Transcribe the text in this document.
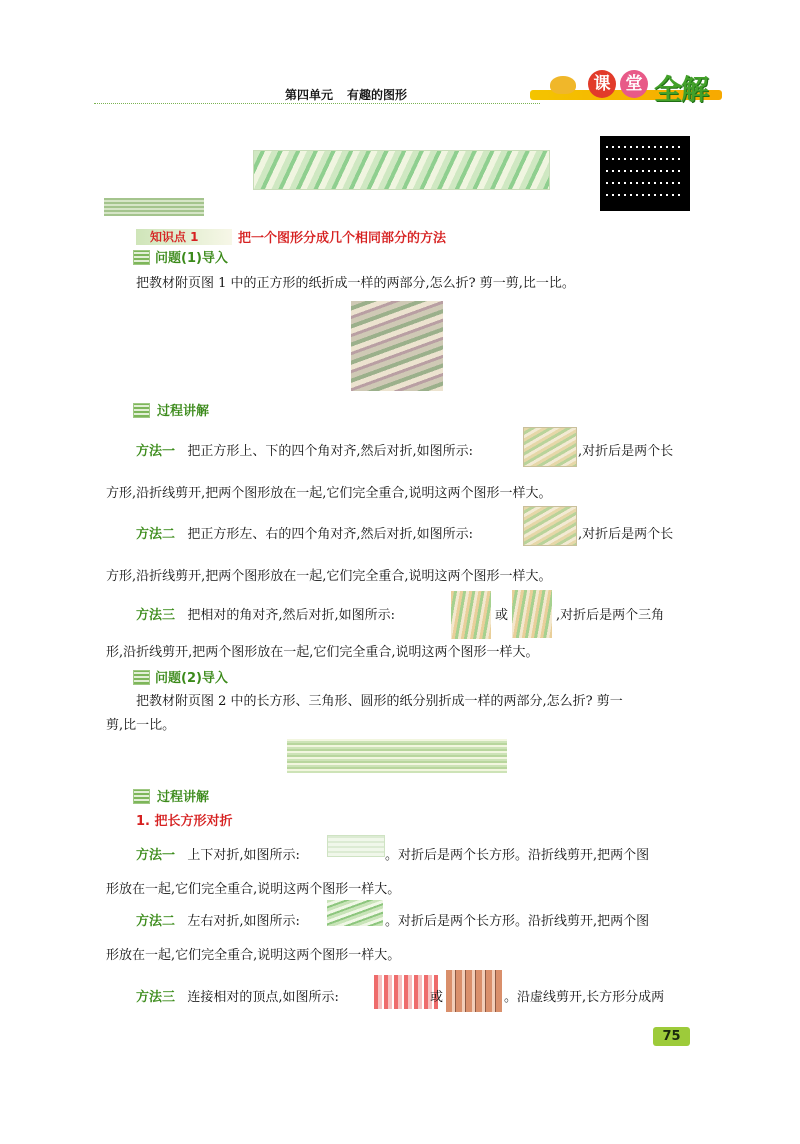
第四单元 有趣的图形
课 堂 全解
知识点 1	把一个图形分成几个相同部分的方法
问题(1)导入
把教材附页图 1 中的正方形的纸折成一样的两部分,怎么折? 剪一剪,比一比。
过程讲解
方法一 把正方形上、下的四个角对齐,然后对折,如图所示:	,对折后是两个长
方形,沿折线剪开,把两个图形放在一起,它们完全重合,说明这两个图形一样大。
方法二 把正方形左、右的四个角对齐,然后对折,如图所示:	,对折后是两个长
方形,沿折线剪开,把两个图形放在一起,它们完全重合,说明这两个图形一样大。
方法三 把相对的角对齐,然后对折,如图所示:	或	,对折后是两个三角
形,沿折线剪开,把两个图形放在一起,它们完全重合,说明这两个图形一样大。
问题(2)导入
把教材附页图 2 中的长方形、三角形、圆形的纸分别折成一样的两部分,怎么折? 剪一
剪,比一比。
过程讲解
1. 把长方形对折
方法一 上下对折,如图所示:	。对折后是两个长方形。沿折线剪开,把两个图
形放在一起,它们完全重合,说明这两个图形一样大。
方法二 左右对折,如图所示:	。对折后是两个长方形。沿折线剪开,把两个图
形放在一起,它们完全重合,说明这两个图形一样大。
方法三 连接相对的顶点,如图所示:	或	。沿虚线剪开,长方形分成两
75
